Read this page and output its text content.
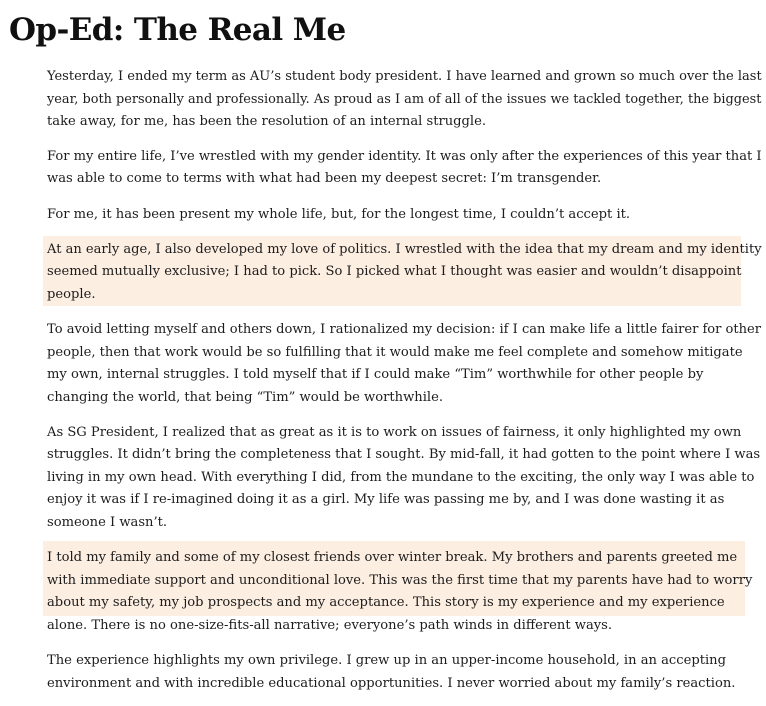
Op-Ed: The Real Me

Yesterday, I ended my term as AU’s student body president. I have learned and grown so much over the last

year, both personally and professionally. As proud as I am of all of the issues we tackled together, the biggest

take away, for me, has been the resolution of an internal struggle.

For my entire life, I’ve wrestled with my gender identity. It was only after the experiences of this year that I

was able to come to terms with what had been my deepest secret: I’m transgender.

For me, it has been present my whole life, but, for the longest time, I couldn’t accept it.

At an early age, I also developed my love of politics. I wrestled with the idea that my dream and my identity

seemed mutually exclusive; I had to pick. So I picked what I thought was easier and wouldn’t disappoint

people.

To avoid letting myself and others down, I rationalized my decision: if I can make life a little fairer for other

people, then that work would be so fulfilling that it would make me feel complete and somehow mitigate

my own, internal struggles. I told myself that if I could make “Tim” worthwhile for other people by

changing the world, that being “Tim” would be worthwhile.

As SG President, I realized that as great as it is to work on issues of fairness, it only highlighted my own

struggles. It didn’t bring the completeness that I sought. By mid-fall, it had gotten to the point where I was

living in my own head. With everything I did, from the mundane to the exciting, the only way I was able to

enjoy it was if I re-imagined doing it as a girl. My life was passing me by, and I was done wasting it as

someone I wasn’t.

I told my family and some of my closest friends over winter break. My brothers and parents greeted me

with immediate support and unconditional love. This was the first time that my parents have had to worry

about my safety, my job prospects and my acceptance. This story is my experience and my experience

alone. There is no one-size-fits-all narrative; everyone’s path winds in different ways.

The experience highlights my own privilege. I grew up in an upper-income household, in an accepting

environment and with incredible educational opportunities. I never worried about my family’s reaction.
